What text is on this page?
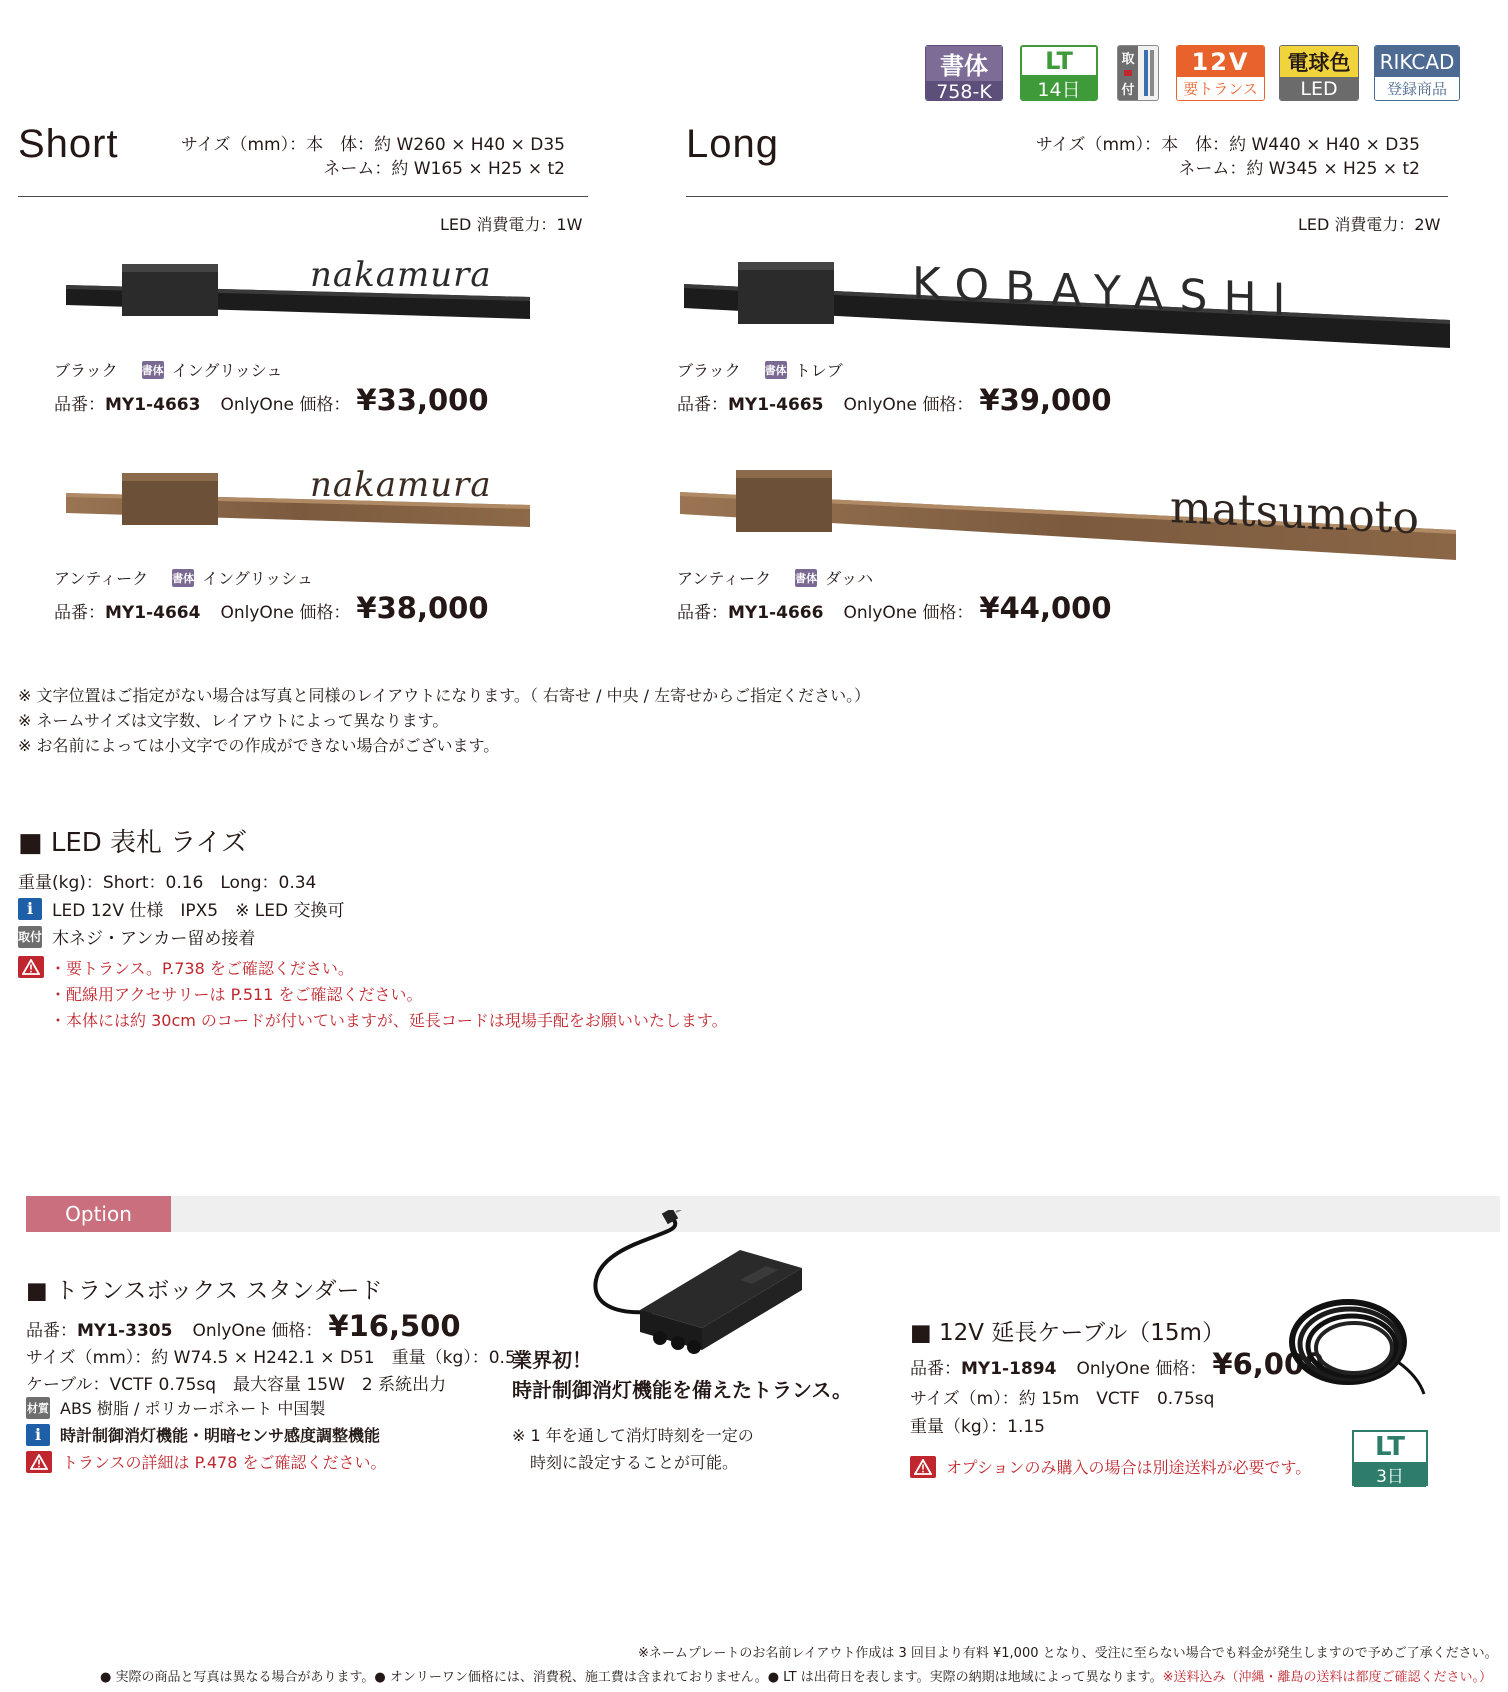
書体
758-K
LT
14日
取
付
12V
要トランス
電球色
LED
RIKCAD
登録商品
Short	サイズ（mm）：本　体：約 W260 × H40 × D35
ネーム：約 W165 × H25 × t2
LED 消費電力：1W
nakamura
ブラック 書体 イングリッシュ
品番： MY1-4663 OnlyOne 価格： ¥33,000
nakamura
アンティーク 書体 イングリッシュ
品番： MY1-4664 OnlyOne 価格： ¥38,000
Long	サイズ（mm）：本　体：約 W440 × H40 × D35
ネーム：約 W345 × H25 × t2
LED 消費電力：2W
KOBAYASHI
ブラック 書体 トレブ
品番： MY1-4665 OnlyOne 価格： ¥39,000
matsumoto
アンティーク 書体 ダッハ
品番： MY1-4666 OnlyOne 価格： ¥44,000
※ 文字位置はご指定がない場合は写真と同様のレイアウトになります。（ 右寄せ / 中央 / 左寄せからご指定ください。）
※ ネームサイズは文字数、レイアウトによって異なります。
※ お名前によっては小文字での作成ができない場合がございます。
■ LED 表札 ライズ
重量(kg)：Short：0.16　Long：0.34
i	LED 12V 仕様　IPX5　※ LED 交換可
取付 木ネジ・アンカー留め接着
・要トランス。P.738 をご確認ください。
・配線用アクセサリーは P.511 をご確認ください。
・本体には約 30cm のコードが付いていますが、延長コードは現場手配をお願いいたします。
Option
■ トランスボックス スタンダード
品番： MY1-3305 OnlyOne 価格： ¥16,500
サイズ（mm）：約 W74.5 × H242.1 × D51　重量（kg）：0.5
ケーブル：VCTF 0.75sq　最大容量 15W　2 系統出力
材質 ABS 樹脂 / ポリカーボネート 中国製
i	時計制御消灯機能・明暗センサ感度調整機能
トランスの詳細は P.478 をご確認ください。
業界初！
時計制御消灯機能を備えたトランス。
※ 1 年を通して消灯時刻を一定の
時刻に設定することが可能。
■ 12V 延長ケーブル（15m）
品番： MY1-1894 OnlyOne 価格： ¥6,000
サイズ（m）：約 15m　VCTF　0.75sq
重量（kg）：1.15
オプションのみ購入の場合は別途送料が必要です。
LT
3日
※ネームプレートのお名前レイアウト作成は 3 回目より有料 ¥1,000 となり、受注に至らない場合でも料金が発生しますので予めご了承ください。
● 実際の商品と写真は異なる場合があります。● オンリーワン価格には、消費税、施工費は含まれておりません。● LT は出荷日を表します。実際の納期は地域によって異なります。※送料込み（沖縄・離島の送料は都度ご確認ください。）
